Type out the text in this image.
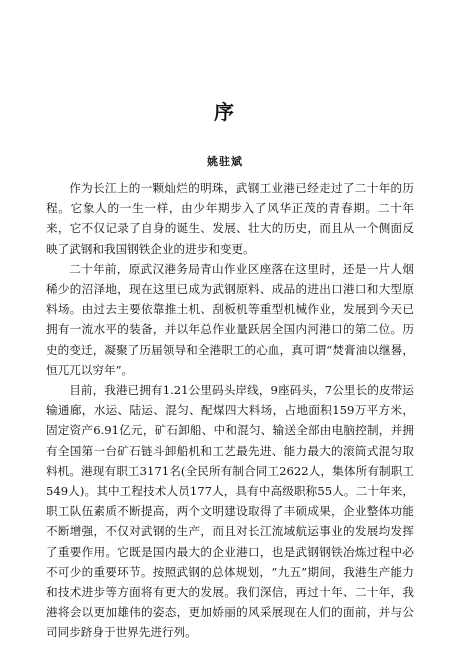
序
姚驻斌

作为长江上的一颗灿烂的明珠，武钢工业港已经走过了二十年的历程。它象人的一生一样，由少年期步入了风华正茂的青春期。二十年来，它不仅记录了自身的诞生、发展、壮大的历史，而且从一个侧面反映了武钢和我国钢铁企业的进步和变更。

二十年前，原武汉港务局青山作业区座落在这里时，还是一片人烟稀少的沼泽地，现在这里已成为武钢原料、成品的进出口港口和大型原料场。由过去主要依靠推土机、刮板机等重型机械作业，发展到今天已拥有一流水平的装备，并以年总作业量跃居全国内河港口的第二位。历史的变迁，凝聚了历届领导和全港职工的心血，真可谓“焚膏油以继晷，恒兀兀以穷年”。

目前，我港已拥有1.21公里码头岸线，9座码头，7公里长的皮带运输通廊，水运、陆运、混匀、配煤四大料场，占地面积159万平方米，固定资产6.91亿元，矿石卸船、中和混匀、输送全部由电脑控制，并拥有全国第一台矿石链斗卸船机和工艺最先进、能力最大的滚筒式混匀取料机。港现有职工3171名(全民所有制合同工2622人，集体所有制职工549人)。其中工程技术人员177人，具有中高级职称55人。二十年来，职工队伍素质不断提高，两个文明建设取得了丰硕成果，企业整体功能不断增强，不仅对武钢的生产，而且对长江流域航运事业的发展均发挥了重要作用。它既是国内最大的企业港口，也是武钢钢铁冶炼过程中必不可少的重要环节。按照武钢的总体规划，“九五”期间，我港生产能力和技术进步等方面将有更大的发展。我们深信，再过十年、二十年，我港将会以更加雄伟的姿态，更加娇丽的风采展现在人们的面前，并与公司同步跻身于世界先进行列。
